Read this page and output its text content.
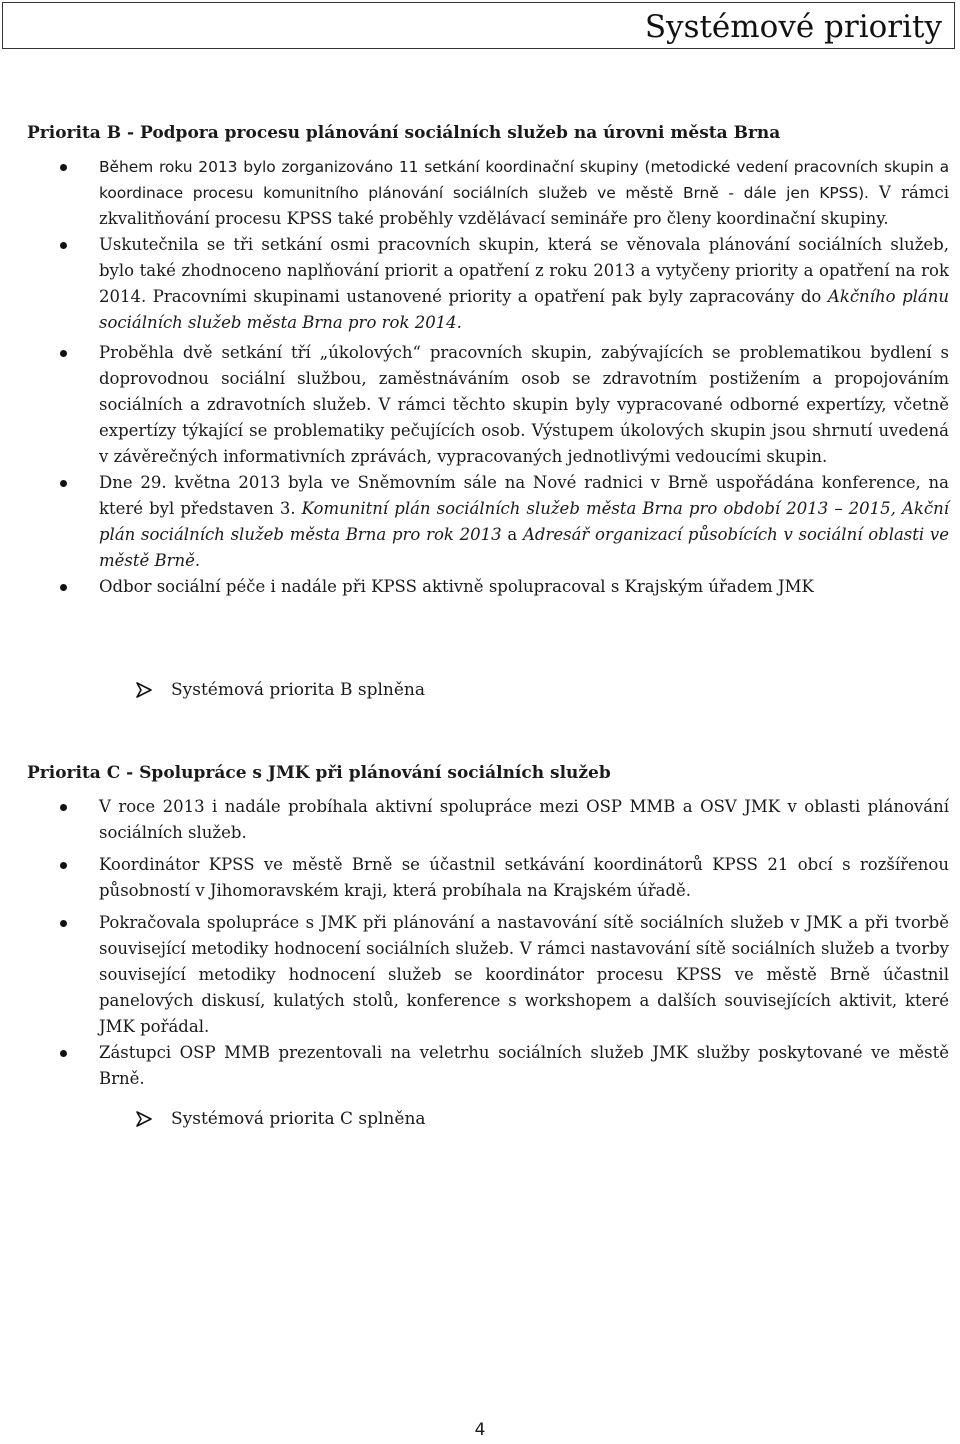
Systémové priority
Priorita B - Podpora procesu plánování sociálních služeb na úrovni města Brna
Během roku 2013 bylo zorganizováno 11 setkání koordinační skupiny (metodické vedení pracovních skupin a koordinace procesu komunitního plánování sociálních služeb ve městě Brně - dále jen KPSS). V rámci zkvalitňování procesu KPSS také proběhly vzdělávací semináře pro členy koordinační skupiny.
Uskutečnila se tři setkání osmi pracovních skupin, která se věnovala plánování sociálních služeb, bylo také zhodnoceno naplňování priorit a opatření z roku 2013 a vytyčeny priority a opatření na rok 2014. Pracovními skupinami ustanovené priority a opatření pak byly zapracovány do Akčního plánu sociálních služeb města Brna pro rok 2014.
Proběhla dvě setkání tří „úkolových“ pracovních skupin, zabývajících se problematikou bydlení s doprovodnou sociální službou, zaměstnáváním osob se zdravotním postižením a propojováním sociálních a zdravotních služeb. V rámci těchto skupin byly vypracované odborné expertízy, včetně expertízy týkající se problematiky pečujících osob. Výstupem úkolových skupin jsou shrnutí uvedená v závěrečných informativních zprávách, vypracovaných jednotlivými vedoucími skupin.
Dne 29. května 2013 byla ve Sněmovním sále na Nové radnici v Brně uspořádána konference, na které byl představen 3. Komunitní plán sociálních služeb města Brna pro období 2013 – 2015, Akční plán sociálních služeb města Brna pro rok 2013 a Adresář organizací působících v sociální oblasti ve městě Brně.
Odbor sociální péče i nadále při KPSS aktivně spolupracoval s Krajským úřadem JMK
Systémová priorita B splněna
Priorita C - Spolupráce s JMK při plánování sociálních služeb
V roce 2013 i nadále probíhala aktivní spolupráce mezi OSP MMB a OSV JMK v oblasti plánování sociálních služeb.
Koordinátor KPSS ve městě Brně se účastnil setkávání koordinátorů KPSS 21 obcí s rozšířenou působností v Jihomoravském kraji, která probíhala na Krajském úřadě.
Pokračovala spolupráce s JMK při plánování a nastavování sítě sociálních služeb v JMK a při tvorbě související metodiky hodnocení sociálních služeb. V rámci nastavování sítě sociálních služeb a tvorby související metodiky hodnocení služeb se koordinátor procesu KPSS ve městě Brně účastnil panelových diskusí, kulatých stolů, konference s workshopem a dalších souvisejících aktivit, které JMK pořádal.
Zástupci OSP MMB prezentovali na veletrhu sociálních služeb JMK služby poskytované ve městě Brně.
Systémová priorita C splněna
4
